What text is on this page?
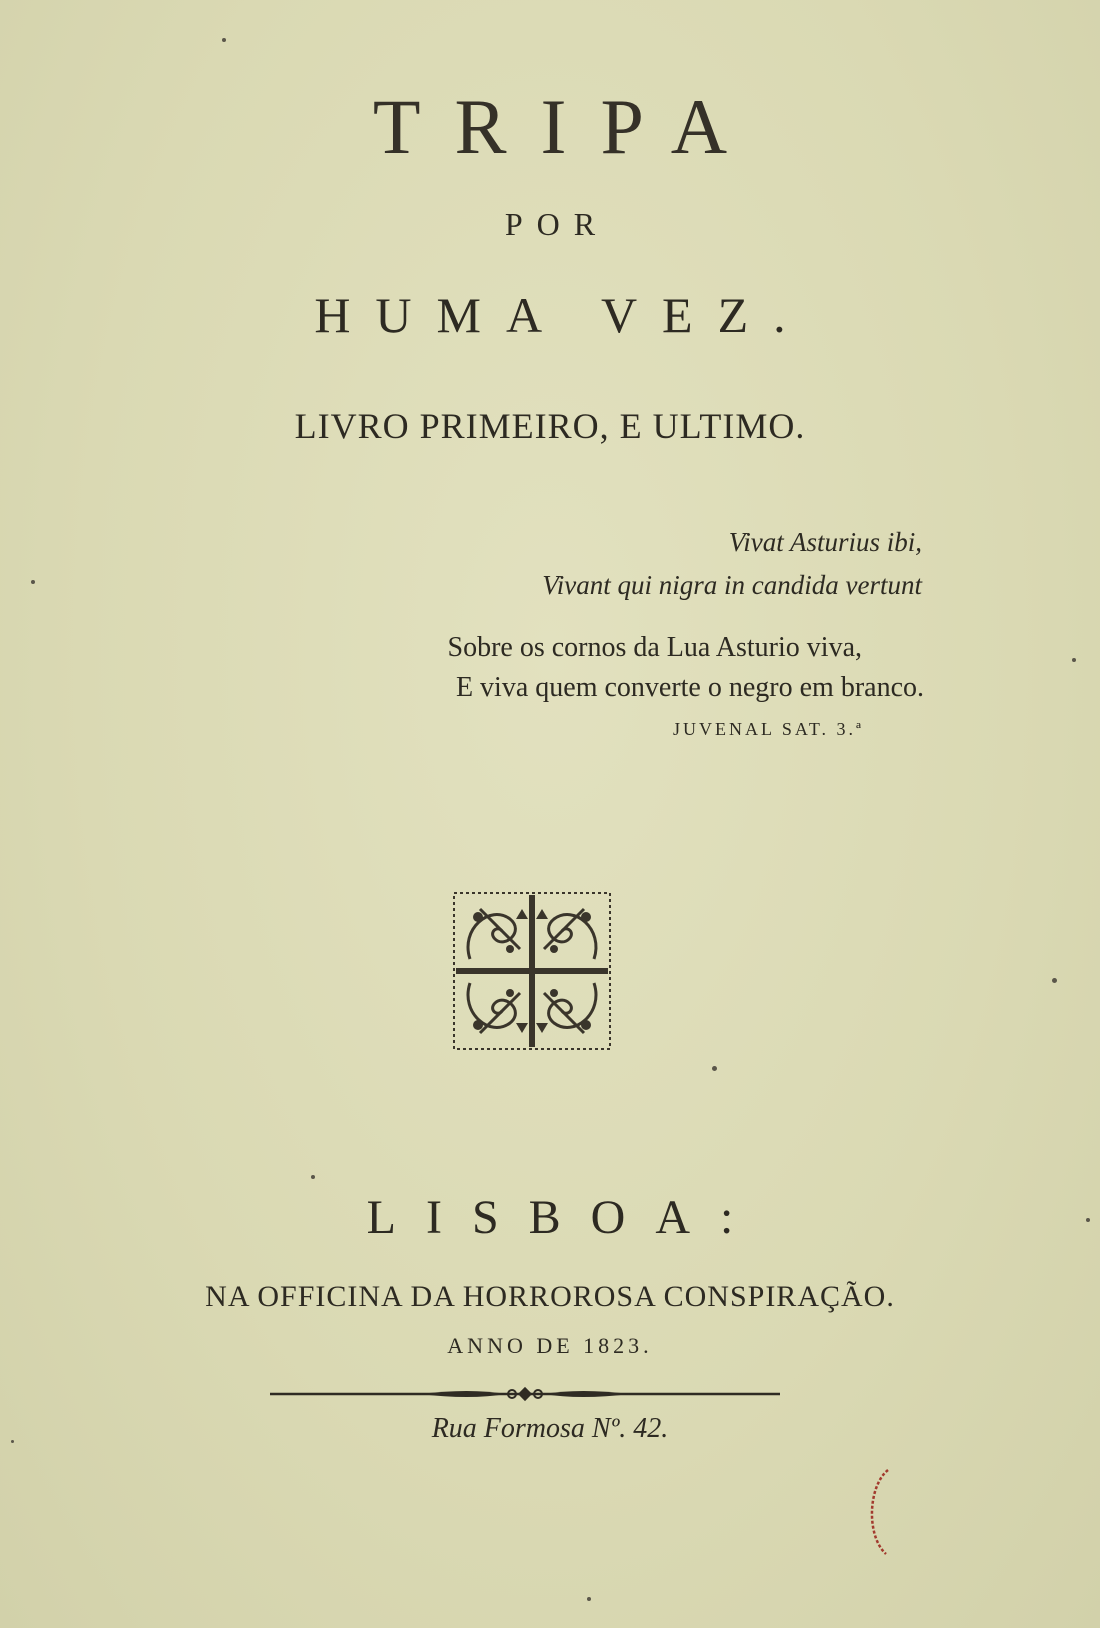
TRIPA
POR
HUMA VEZ.
LIVRO PRIMEIRO, E ULTIMO.
Vivat Asturius ibi,
Vivant qui nigra in candida vertunt
Sobre os cornos da Lua Asturio viva,
E viva quem converte o negro em branco.
JUVENAL SAT. 3.ª
LISBOA:
NA OFFICINA DA HORROROSA CONSPIRAÇÃO.
ANNO DE 1823.
Rua Formosa Nº. 42.
